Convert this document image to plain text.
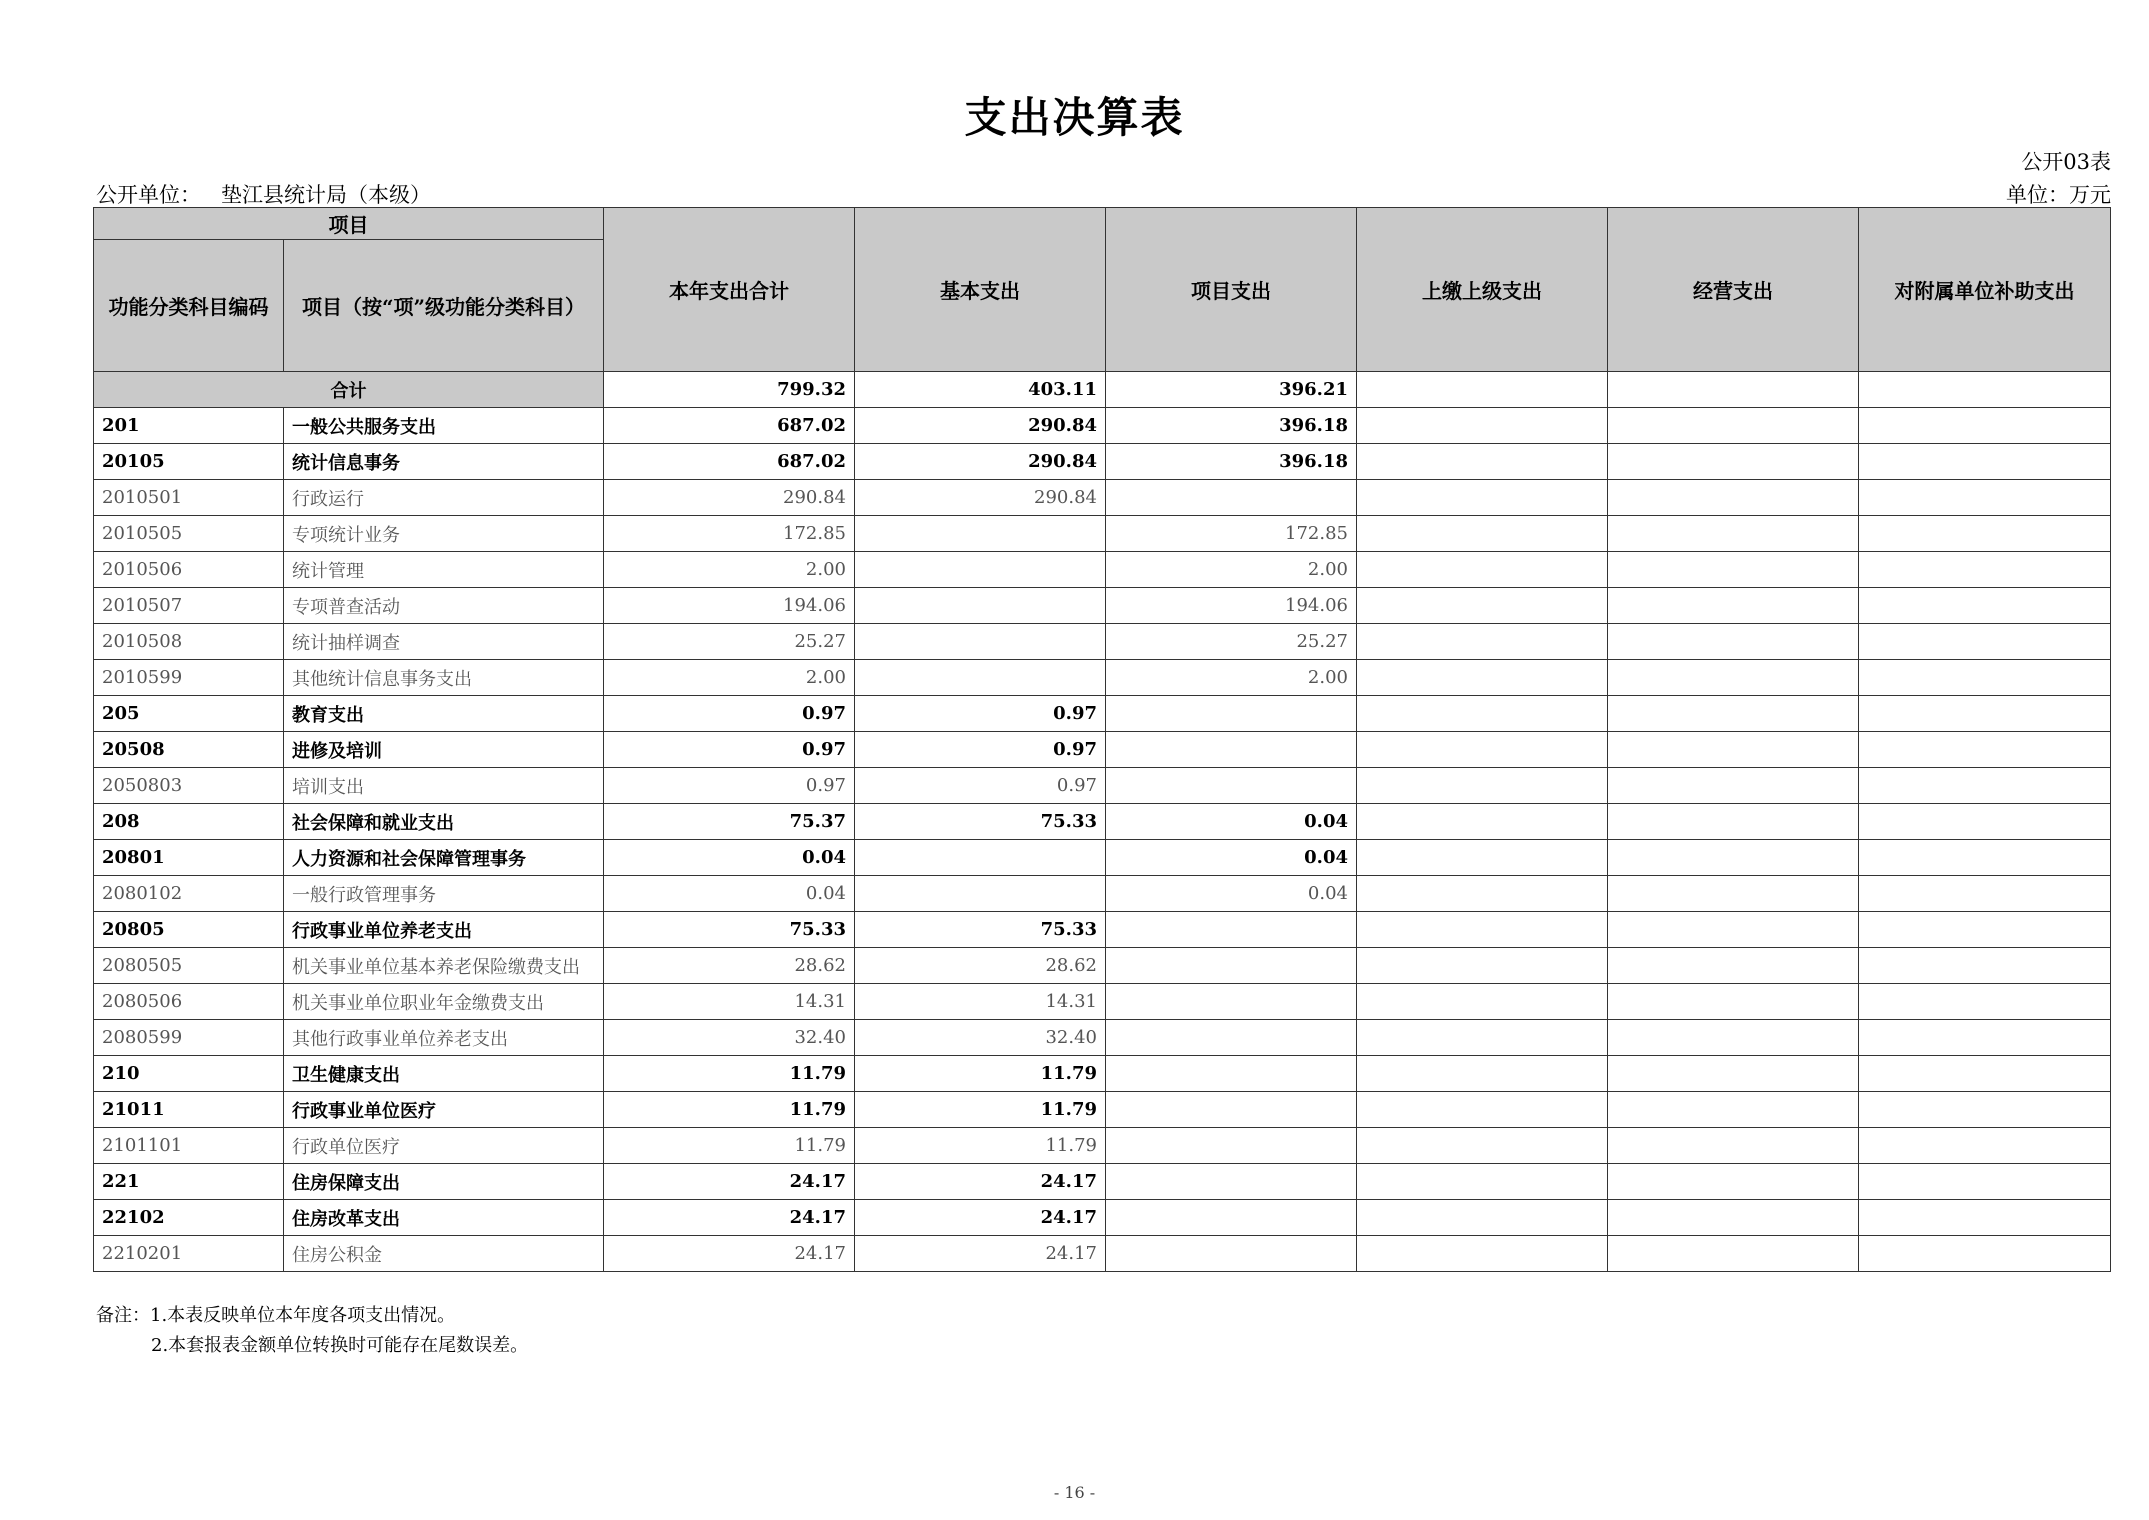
支出决算表
公开03表
公开单位： 垫江县统计局（本级）	单位：万元
项目		本年支出合计	基本支出	项目支出	上缴上级支出	经营支出	对附属单位补助支出
功能分类科目编码	项目（按“项”级功能分类科目）						
合计		799.32	403.11	396.21			
201	一般公共服务支出	687.02	290.84	396.18			
20105	统计信息事务	687.02	290.84	396.18			
2010501	行政运行	290.84	290.84				
2010505	专项统计业务	172.85		172.85			
2010506	统计管理	2.00		2.00			
2010507	专项普查活动	194.06		194.06			
2010508	统计抽样调查	25.27		25.27			
2010599	其他统计信息事务支出	2.00		2.00			
205	教育支出	0.97	0.97				
20508	进修及培训	0.97	0.97				
2050803	培训支出	0.97	0.97				
208	社会保障和就业支出	75.37	75.33	0.04			
20801	人力资源和社会保障管理事务	0.04		0.04			
2080102	一般行政管理事务	0.04		0.04			
20805	行政事业单位养老支出	75.33	75.33				
2080505	机关事业单位基本养老保险缴费支出	28.62	28.62				
2080506	机关事业单位职业年金缴费支出	14.31	14.31				
2080599	其他行政事业单位养老支出	32.40	32.40				
210	卫生健康支出	11.79	11.79				
21011	行政事业单位医疗	11.79	11.79				
2101101	行政单位医疗	11.79	11.79				
221	住房保障支出	24.17	24.17				
22102	住房改革支出	24.17	24.17				
2210201	住房公积金	24.17	24.17				
备注：1.本表反映单位本年度各项支出情况。
2.本套报表金额单位转换时可能存在尾数误差。
- 16 -
